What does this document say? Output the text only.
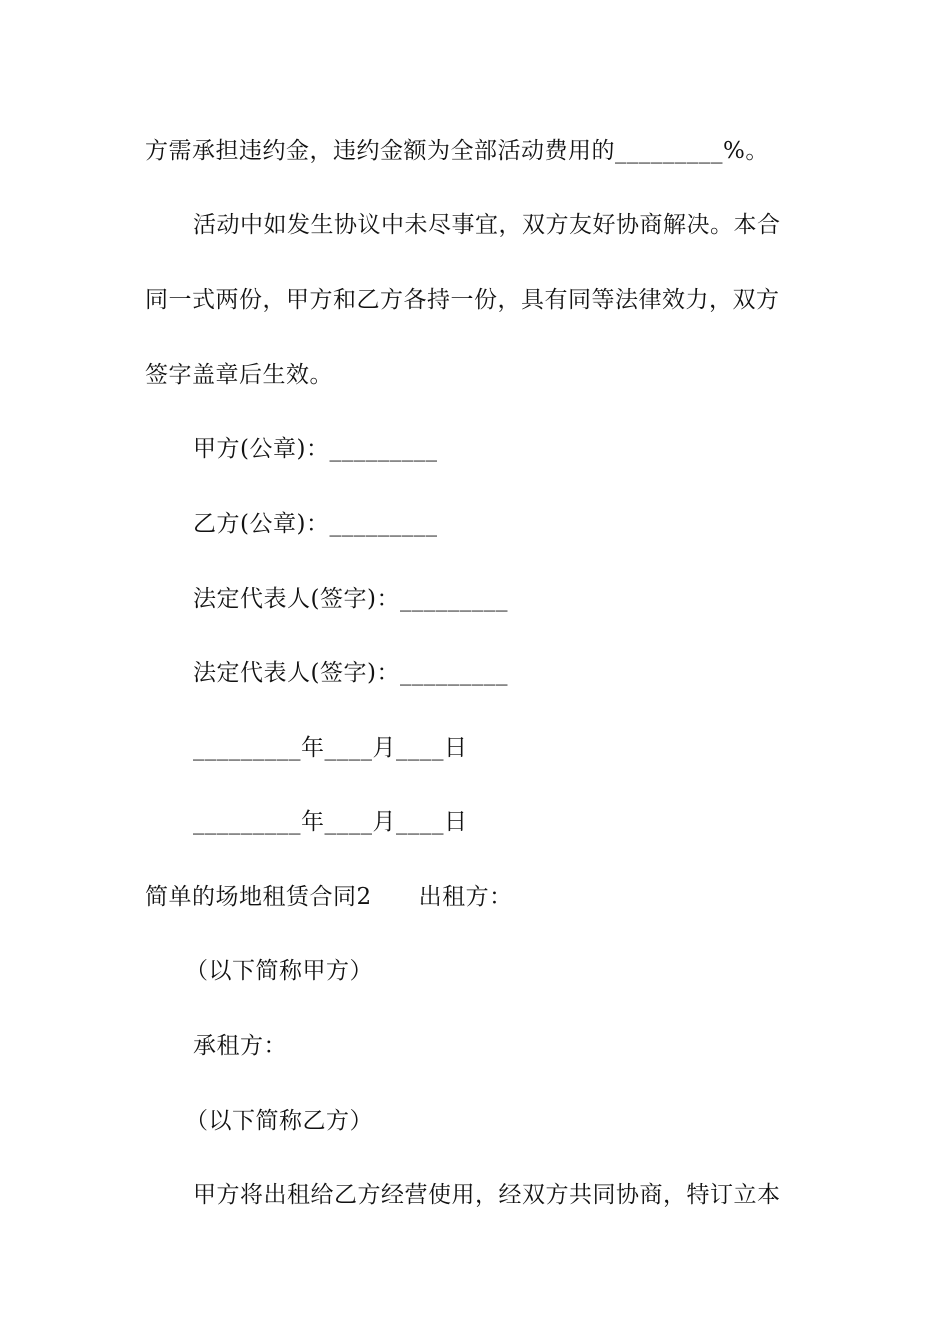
方需承担违约金，违约金额为全部活动费用的_________%。
活动中如发生协议中未尽事宜，双方友好协商解决。本合
同一式两份，甲方和乙方各持一份，具有同等法律效力，双方
签字盖章后生效。
甲方(公章)：_________
乙方(公章)：_________
法定代表人(签字)：_________
法定代表人(签字)：_________
_________年____月____日
_________年____月____日
简单的场地租赁合同2　　出租方：
（以下简称甲方）
承租方：
（以下简称乙方）
甲方将出租给乙方经营使用，经双方共同协商，特订立本
